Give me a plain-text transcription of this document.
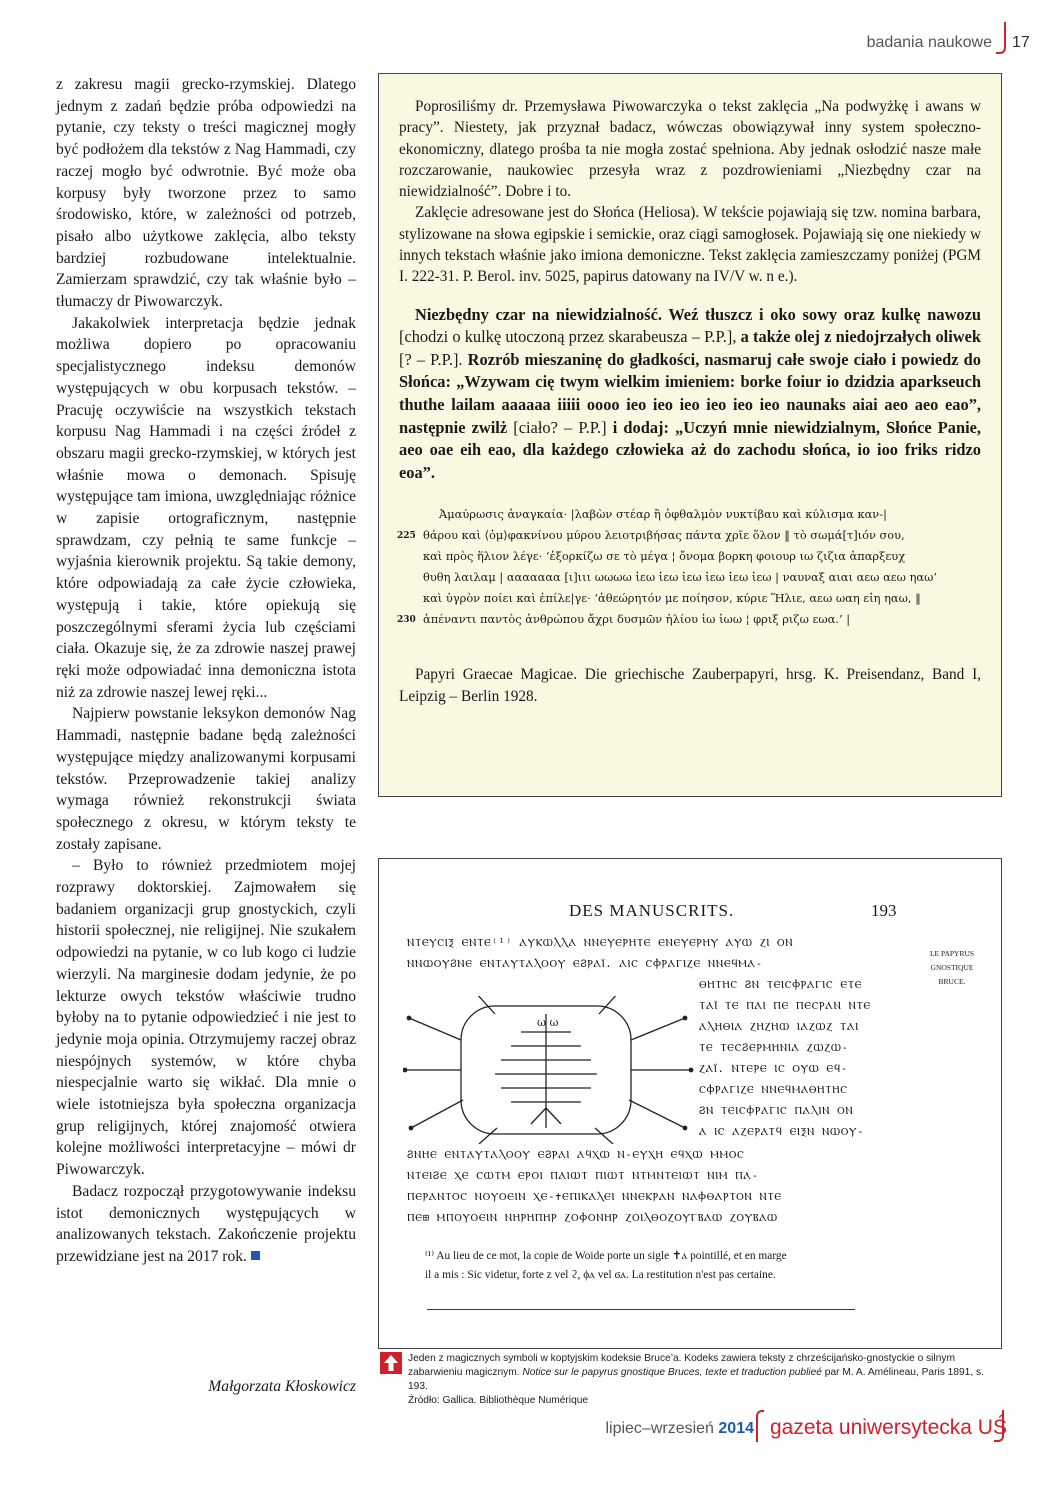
badania naukowe 17

z zakresu magii grecko-rzymskiej. Dlatego jednym z zadań będzie próba odpowiedzi na pytanie, czy teksty o treści magicznej mogły być podłożem dla tekstów z Nag Hammadi, czy raczej mogło być odwrotnie. Być może oba korpusy były tworzone przez to samo środowisko, które, w zależności od potrzeb, pisało albo użytkowe zaklęcia, albo teksty bardziej rozbudowane intelektualnie. Zamierzam sprawdzić, czy tak właśnie było – tłumaczy dr Piwowarczyk.

Jakakolwiek interpretacja będzie jednak możliwa dopiero po opracowaniu specjalistycznego indeksu demonów występujących w obu korpusach tekstów. – Pracuję oczywiście na wszystkich tekstach korpusu Nag Hammadi i na części źródeł z obszaru magii grecko-rzymskiej, w których jest właśnie mowa o demonach. Spisuję występujące tam imiona, uwzględniając różnice w zapisie ortograficznym, następnie sprawdzam, czy pełnią te same funkcje – wyjaśnia kierownik projektu. Są takie demony, które odpowiadają za całe życie człowieka, występują i takie, które opiekują się poszczególnymi sferami życia lub częściami ciała. Okazuje się, że za zdrowie naszej prawej ręki może odpowiadać inna demoniczna istota niż za zdrowie naszej lewej ręki...

Najpierw powstanie leksykon demonów Nag Hammadi, następnie badane będą zależności występujące między analizowanymi korpusami tekstów. Przeprowadzenie takiej analizy wymaga również rekonstrukcji świata społecznego z okresu, w którym teksty te zostały zapisane.

– Było to również przedmiotem mojej rozprawy doktorskiej. Zajmowałem się badaniem organizacji grup gnostyckich, czyli historii społecznej, nie religijnej. Nie szukałem odpowiedzi na pytanie, w co lub kogo ci ludzie wierzyli. Na marginesie dodam jedynie, że po lekturze owych tekstów właściwie trudno byłoby na to pytanie odpowiedzieć i nie jest to jedynie moja opinia. Otrzymujemy raczej obraz niespójnych systemów, w które chyba niespecjalnie warto się wikłać. Dla mnie o wiele istotniejsza była społeczna organizacja grup religijnych, której znajomość otwiera kolejne możliwości interpretacyjne – mówi dr Piwowarczyk.

Badacz rozpoczął przygotowywanie indeksu istot demonicznych występujących w analizowanych tekstach. Zakończenie projektu przewidziane jest na 2017 rok.

Małgorzata Kłoskowicz

Poprosiliśmy dr. Przemysława Piwowarczyka o tekst zaklęcia „Na podwyżkę i awans w pracy”. Niestety, jak przyznał badacz, wówczas obowiązywał inny system społeczno-ekonomiczny, dlatego prośba ta nie mogła zostać spełniona. Aby jednak osłodzić nasze małe rozczarowanie, naukowiec przesyła wraz z pozdrowieniami „Niezbędny czar na niewidzialność”. Dobre i to.

Zaklęcie adresowane jest do Słońca (Heliosa). W tekście pojawiają się tzw. nomina barbara, stylizowane na słowa egipskie i semickie, oraz ciągi samogłosek. Pojawiają się one niekiedy w innych tekstach właśnie jako imiona demoniczne. Tekst zaklęcia zamieszczamy poniżej (PGM I. 222-31. P. Berol. inv. 5025, papirus datowany na IV/V w. n e.).

Niezbędny czar na niewidzialność. Weź tłuszcz i oko sowy oraz kulkę nawozu [chodzi o kulkę utoczoną przez skarabeusza – P.P.], a także olej z niedojrzałych oliwek [? – P.P.]. Rozrób mieszaninę do gładkości, nasmaruj całe swoje ciało i powiedz do Słońca: „Wzywam cię twym wielkim imieniem: borke foiur io dzidzia aparkseuch thuthe lailam aaaaaa iiiii oooo ieo ieo ieo ieo ieo ieo naunaks aiai aeo aeo eao”, następnie zwilż [ciało? – P.P.] i dodaj: „Uczyń mnie niewidzialnym, Słońce Panie, aeo oae eih eao, dla każdego człowieka aż do zachodu słońca, io ioo friks ridzo eoa”.

Ἀμαύρωσις ἀναγκαία· |λαβὼν στέαρ ἢ ὀφθαλμὸν νυκτίβαυ καὶ κύλισμα καν-|
225 θάρου καὶ ⟨ὀμ⟩φακνίνου μύρου λειοτριβήσας πάντα χρῖε ὅλον ‖ τὸ σωμά[τ]ιόν σου,
καὶ πρὸς ἥλιον λέγε· ‘ἐξορκίζω σε τὸ μέγα ¦ ὄνομα βορκη φοιουρ ιω ζιζια ἀπαρξευχ
θυθη λαιλαμ | ααααααα [ι]ιιι ωωωω ἰεω ἰεω ἰεω ἰεω ἰεω ἰεω | ναυναξ αιαι αεω αεω ηαω’
καὶ ὑγρὸν ποίει καὶ ἐπίλε|γε· ‘ἀθεώρητόν με ποίησον, κύριε Ἥλιε, αεω ωαη εἰη ηαω, ‖
230 ἀπέναντι παντὸς ἀνθρώπου ἄχρι δυσμῶν ἡλίου ἰω ἰωω ¦ φριξ ριζω εωα.’ |

Papyri Graecae Magicae. Die griechische Zauberpapyri, hrsg. K. Preisendanz, Band I, Leipzig – Berlin 1928.

DES MANUSCRITS.	193
LE PAPYRUS
GNOSTIQUE
BRUCE.
ⲚⲦⲈⲨⲤⲒⲜ ⲈⲚⲦⲈ⁽¹⁾ ⲀⲨⲔⲰⲖⲖⲀ ⲚⲚⲈⲨⲈⲢⲎⲦⲈ ⲈⲚⲈⲨⲈⲢⲎⲨ ⲀⲨⲰ ⲌⲒ ⲞⲚ
ⲚⲚⲰⲞⲨϨⲚⲈ ⲈⲚⲦⲀⲨⲦⲀⲖⲞⲞⲨ ⲈϨⲢⲀⲒ̈. ⲀⲒⲤ ⲤⲪⲢⲀⲄⲒⲌⲈ ⲚⲚⲈϤⲘⲀ-
ⲐⲎⲦⲎⲤ ϨⲚ ⲦⲈⲒⲤⲪⲢⲀⲄⲒⲤ ⲈⲦⲈ
ⲦⲀⲒ̈ ⲦⲈ ⲠⲀⲒ ⲠⲈ ⲠⲈⲤⲢⲀⲚ ⲚⲦⲈ
ⲀⲖⲎⲐⲒⲀ ⲌⲎⲌⲎⲰ ⲒⲀⲌⲰⲌ ⲦⲀⲒ
ⲦⲈ ⲦⲈⲤϨⲈⲢⲘⲎⲚⲒⲀ ⲌⲰⲌⲰ-
ⲌⲀⲒ̈. ⲚⲦⲈⲢⲈ ⲒⲤ ⲞⲨⲰ ⲈϤ-
ⲤⲪⲢⲀⲄⲒⲌⲈ ⲚⲚⲈϤⲘⲀⲐⲎⲦⲎⲤ
ϨⲚ ⲦⲈⲒⲤⲪⲢⲀⲄⲒⲤ ⲠⲀⲖⲒⲚ ⲞⲚ
Ⲁ ⲒⲤ ⲀⲌⲈⲢⲀⲦϤ ⲈⲒⲜⲚ ⲚⲰⲞⲨ-
ϨⲚⲎⲈ ⲈⲚⲦⲀⲨⲦⲀⲖⲞⲞⲨ ⲈϨⲢⲀⲒ ⲀϤⲬⲰ Ⲛ-ⲈⲨⲬⲎ ⲈϤⲬⲰ ⲘⲘⲞⲤ
ⲚⲦⲈⲒϨⲈ ⲬⲈ ⲤⲰⲦⲘ ⲈⲢⲞⲒ ⲠⲀⲒⲰⲦ ⲠⲒⲰⲦ ⲚⲦⲘⲚⲦⲈⲒⲰⲦ ⲚⲒⲘ ⲠⲀ-
ⲠⲈⲢⲀⲚⲦⲞⲤ ⲚⲞⲨⲞⲈⲒⲚ ⲬⲈ-✝ⲈⲠⲒⲔⲀⲖⲈⲒ ⲚⲚⲈⲔⲢⲀⲚ ⲚⲀⲪⲐⲀⲢⲦⲞⲚ ⲚⲦⲈ
ⲠⲈ⊞ ⲘⲠⲞⲨⲞⲈⲒⲚ ⲚⲎⲢⲎⲠⲎⲢ ⲌⲞⲪⲞⲚⲎⲢ ⲌⲞⲒⲖⲐⲞⲌⲞⲨⲄⲂⲀⲰ ⲌⲞⲨⲂⲀⲰ
ω ω
⁽¹⁾ Au lieu de ce mot, la copie de Woide porte un sigle ✝ⲁ pointillé, et en marge
il a mis : Sic videtur, forte z vel ϩ, ϕⲁ vel ϭⲁ. La restitution n'est pas certaine.
Jeden z magicznych symboli w koptyjskim kodeksie Bruce’a. Kodeks zawiera teksty z chrześcijańsko-gnostyckie o silnym zabarwieniu magicznym. Notice sur le papyrus gnostique Bruces, texte et traduction publieé par M. A. Amélineau, Paris 1891, s. 193.
Źródło: Gallica. Bibliothèque Numérique
lipiec–wrzesień 2014 gazeta uniwersytecka UŚ
